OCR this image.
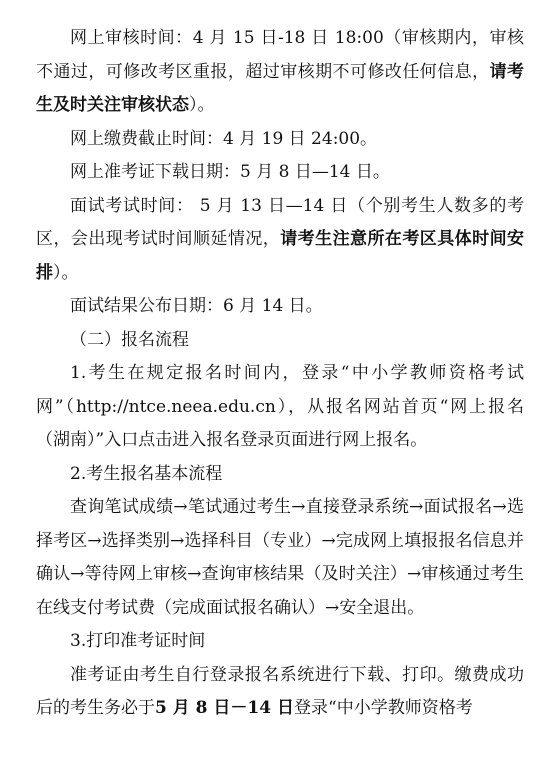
网上审核时间：4 月 15 日-18 日 18:00（审核期内，审核不通过，可修改考区重报，超过审核期不可修改任何信息，请考生及时关注审核状态）。

网上缴费截止时间：4 月 19 日 24:00。

网上准考证下载日期：5 月 8 日—14 日。

面试考试时间： 5 月 13 日—14 日（个别考生人数多的考区，会出现考试时间顺延情况，请考生注意所在考区具体时间安排）。

面试结果公布日期：6 月 14 日。

（二）报名流程

1.考生在规定报名时间内，登录“中小学教师资格考试网”（http://ntce.neea.edu.cn），从报名网站首页“网上报名（湖南）”入口点击进入报名登录页面进行网上报名。

2.考生报名基本流程

查询笔试成绩→笔试通过考生→直接登录系统→面试报名→选择考区→选择类别→选择科目（专业）→完成网上填报报名信息并确认→等待网上审核→查询审核结果（及时关注）→审核通过考生在线支付考试费（完成面试报名确认）→安全退出。

3.打印准考证时间

准考证由考生自行登录报名系统进行下载、打印。缴费成功后的考生务必于5 月 8 日－14 日登录“中小学教师资格考
